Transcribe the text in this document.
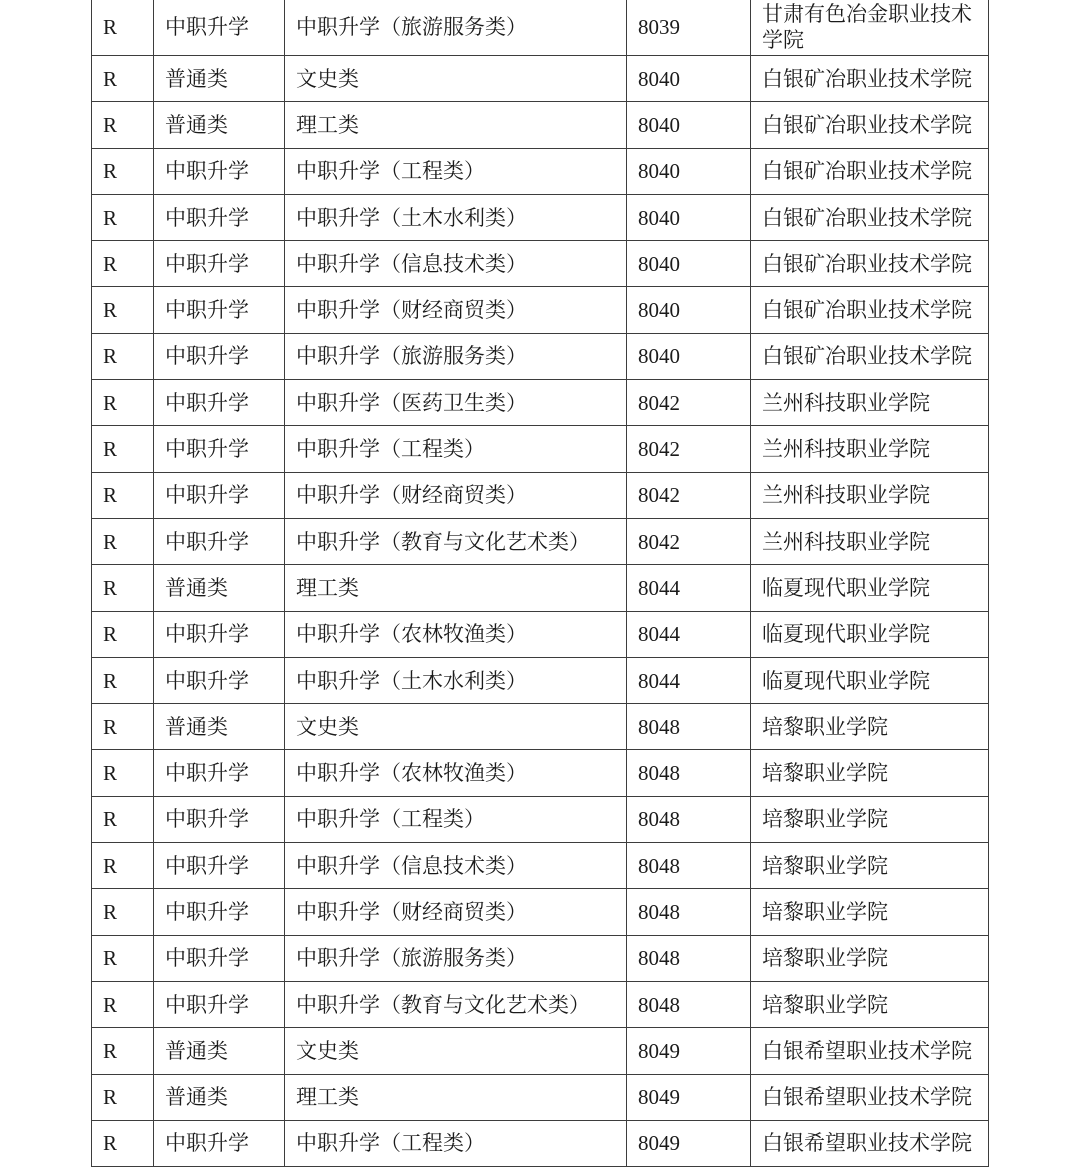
R	中职升学	中职升学（旅游服务类）	8039	甘肃有色冶金职业技术学院
R	普通类	文史类	8040	白银矿冶职业技术学院
R	普通类	理工类	8040	白银矿冶职业技术学院
R	中职升学	中职升学（工程类）	8040	白银矿冶职业技术学院
R	中职升学	中职升学（土木水利类）	8040	白银矿冶职业技术学院
R	中职升学	中职升学（信息技术类）	8040	白银矿冶职业技术学院
R	中职升学	中职升学（财经商贸类）	8040	白银矿冶职业技术学院
R	中职升学	中职升学（旅游服务类）	8040	白银矿冶职业技术学院
R	中职升学	中职升学（医药卫生类）	8042	兰州科技职业学院
R	中职升学	中职升学（工程类）	8042	兰州科技职业学院
R	中职升学	中职升学（财经商贸类）	8042	兰州科技职业学院
R	中职升学	中职升学（教育与文化艺术类）	8042	兰州科技职业学院
R	普通类	理工类	8044	临夏现代职业学院
R	中职升学	中职升学（农林牧渔类）	8044	临夏现代职业学院
R	中职升学	中职升学（土木水利类）	8044	临夏现代职业学院
R	普通类	文史类	8048	培黎职业学院
R	中职升学	中职升学（农林牧渔类）	8048	培黎职业学院
R	中职升学	中职升学（工程类）	8048	培黎职业学院
R	中职升学	中职升学（信息技术类）	8048	培黎职业学院
R	中职升学	中职升学（财经商贸类）	8048	培黎职业学院
R	中职升学	中职升学（旅游服务类）	8048	培黎职业学院
R	中职升学	中职升学（教育与文化艺术类）	8048	培黎职业学院
R	普通类	文史类	8049	白银希望职业技术学院
R	普通类	理工类	8049	白银希望职业技术学院
R	中职升学	中职升学（工程类）	8049	白银希望职业技术学院
